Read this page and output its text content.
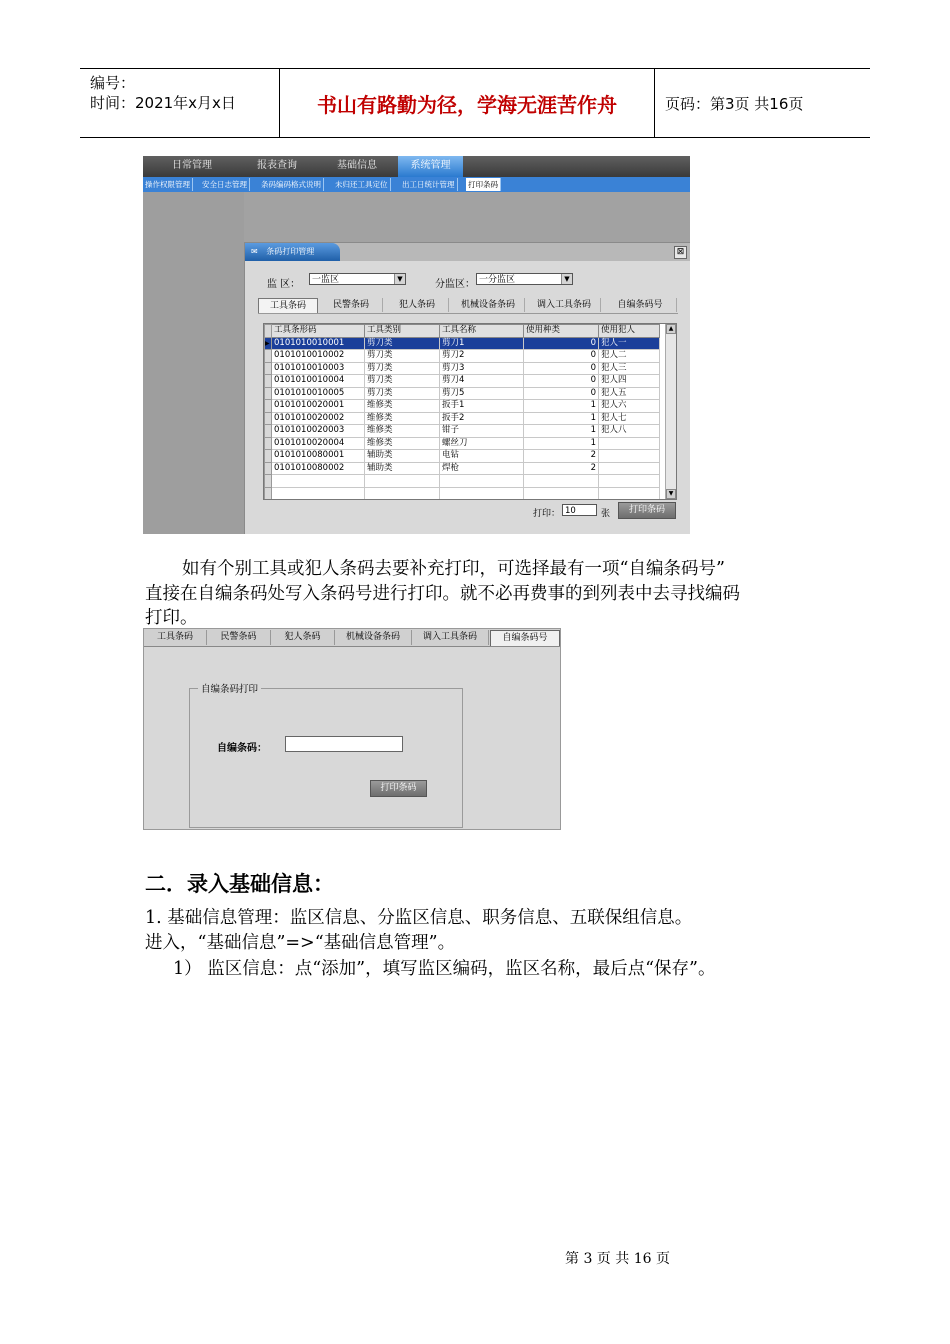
编号：
时间：2021年x月x日	书山有路勤为径，学海无涯苦作舟	页码：第3页 共16页
日常管理	报表查询	基础信息	系统管理
操作权限管理	安全日志管理	条码编码格式说明	未归还工具定位	出工日统计管理	打印条码
✉ 条码打印管理	⊠
监 区：	一监区	▼	分监区： 一分监区	▼
工具条码	民警条码	犯人条码	机械设备条码	调入工具条码	自编条码号
	工具条形码	工具类别	工具名称	使用种类	使用犯人
▶	0101010010001	剪刀类	剪刀1	0	犯人一
	0101010010002	剪刀类	剪刀2	0	犯人二
	0101010010003	剪刀类	剪刀3	0	犯人三
	0101010010004	剪刀类	剪刀4	0	犯人四
	0101010010005	剪刀类	剪刀5	0	犯人五
	0101010020001	维修类	扳手1	1	犯人六
	0101010020002	维修类	扳手2	1	犯人七
	0101010020003	维修类	钳子	1	犯人八
	0101010020004	维修类	螺丝刀	1	
	0101010080001	辅助类	电钻	2	
	0101010080002	辅助类	焊枪	2	

▲
▼
打印： 10	张	打印条码
如有个别工具或犯人条码去要补充打印，可选择最有一项“自编条码号”
直接在自编条码处写入条码号进行打印。就不必再费事的到列表中去寻找编码
打印。
工具条码	民警条码	犯人条码	机械设备条码	调入工具条码	自编条码号
自编条码打印
自编条码：
打印条码
二．录入基础信息：
1. 基础信息管理：监区信息、分监区信息、职务信息、五联保组信息。
进入，“基础信息”=>“基础信息管理”。
1） 监区信息：点“添加”，填写监区编码，监区名称，最后点“保存”。
第 3 页 共 16 页
